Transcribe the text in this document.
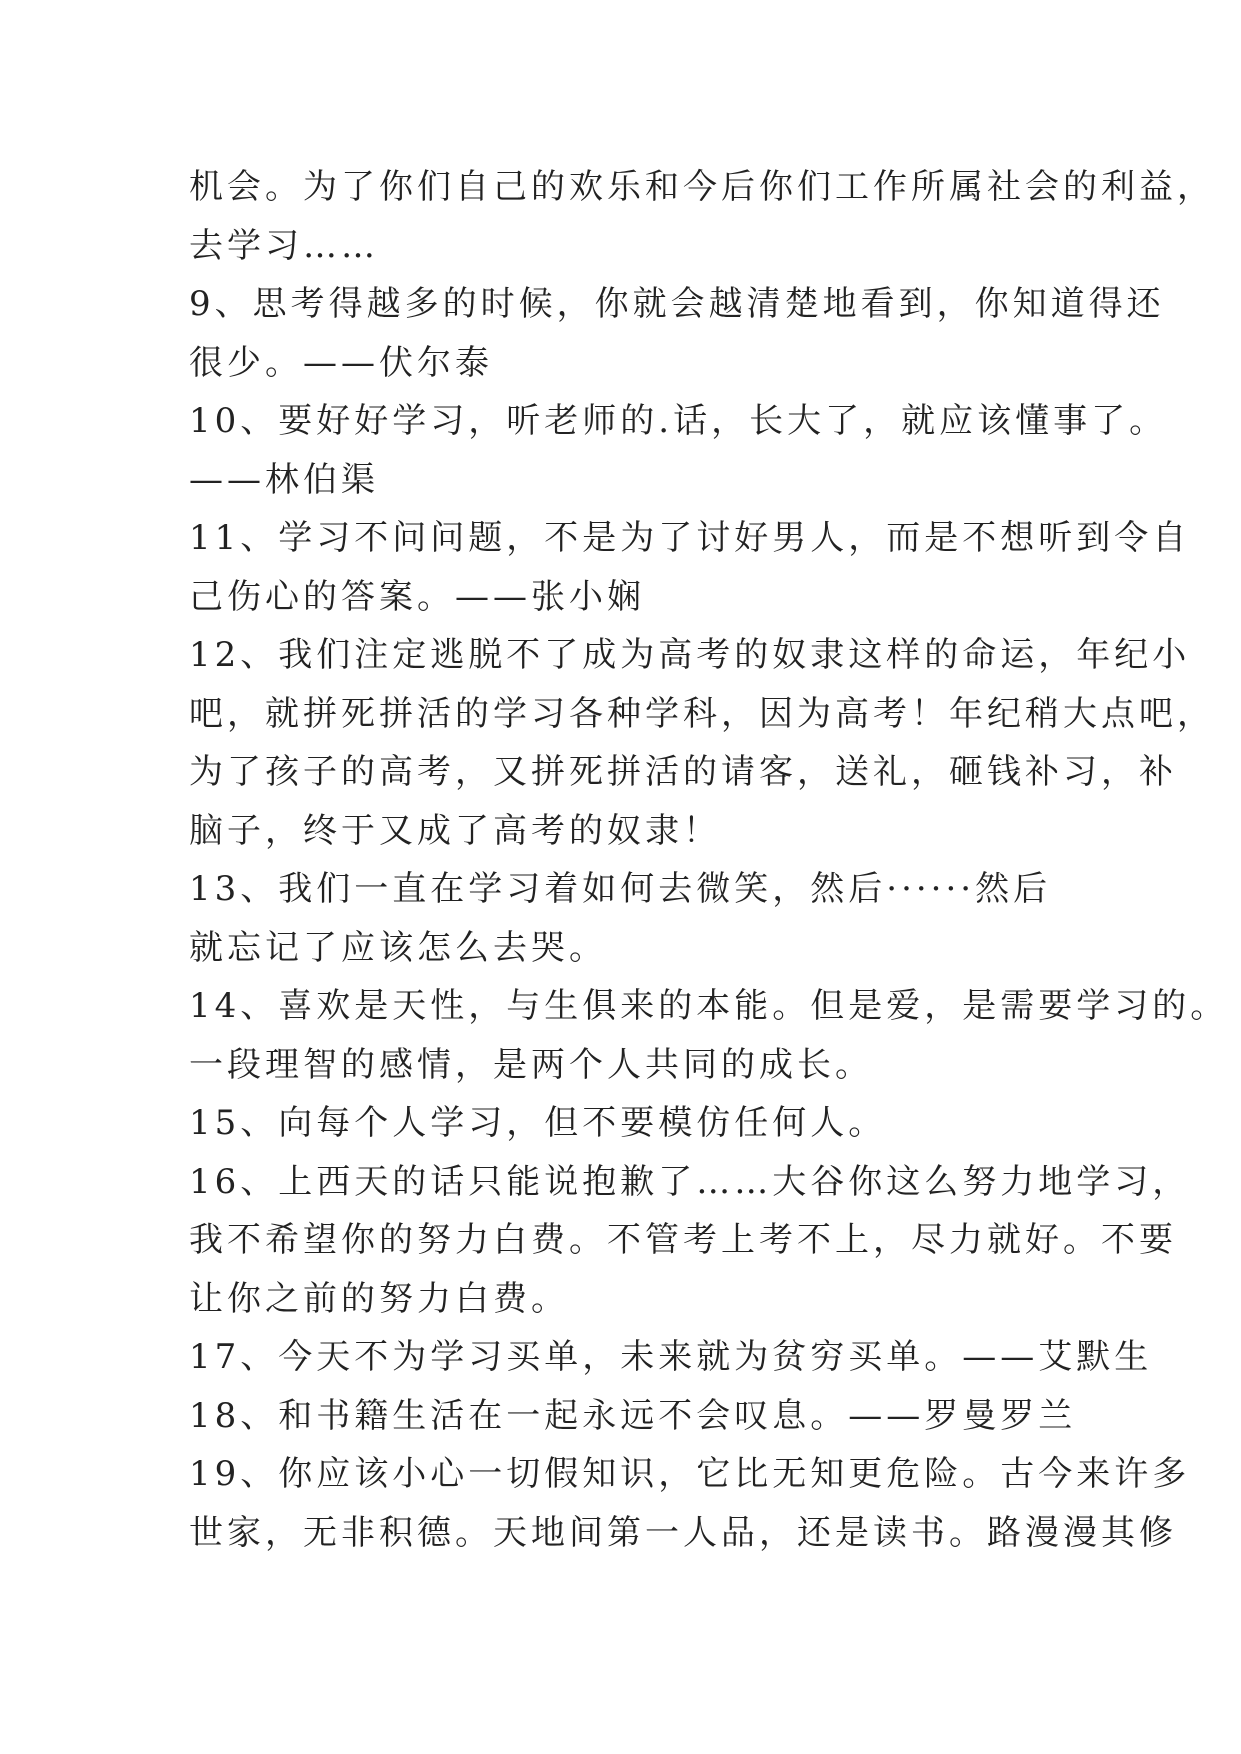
机会。为了你们自己的欢乐和今后你们工作所属社会的利益，
去学习……
9、思考得越多的时候，你就会越清楚地看到，你知道得还
很少。——伏尔泰
10、要好好学习，听老师的.话，长大了，就应该懂事了。
——林伯渠
11、学习不问问题，不是为了讨好男人，而是不想听到令自
己伤心的答案。——张小娴
12、我们注定逃脱不了成为高考的奴隶这样的命运，年纪小
吧，就拼死拼活的学习各种学科，因为高考！年纪稍大点吧，
为了孩子的高考，又拼死拼活的请客，送礼，砸钱补习，补
脑子，终于又成了高考的奴隶！
13、我们一直在学习着如何去微笑，然后······然后
就忘记了应该怎么去哭。
14、喜欢是天性，与生俱来的本能。但是爱，是需要学习的。
一段理智的感情，是两个人共同的成长。
15、向每个人学习，但不要模仿任何人。
16、上西天的话只能说抱歉了……大谷你这么努力地学习，
我不希望你的努力白费。不管考上考不上，尽力就好。不要
让你之前的努力白费。
17、今天不为学习买单，未来就为贫穷买单。——艾默生
18、和书籍生活在一起永远不会叹息。——罗曼罗兰
19、你应该小心一切假知识，它比无知更危险。古今来许多
世家，无非积德。天地间第一人品，还是读书。路漫漫其修
